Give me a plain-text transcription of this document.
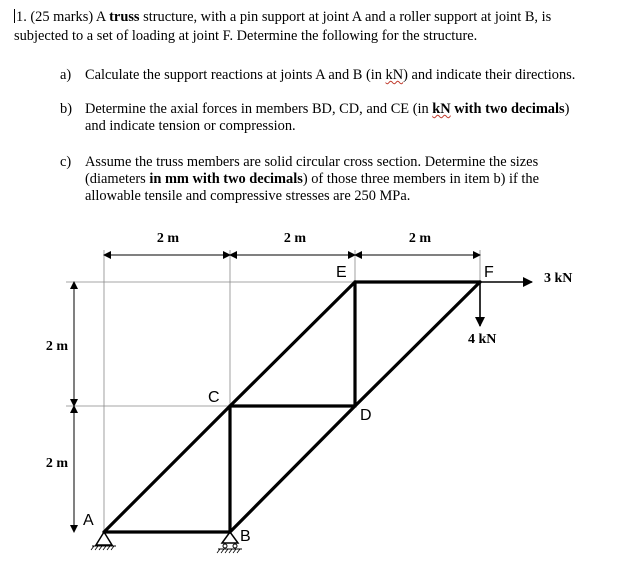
1. (25 marks) A truss structure, with a pin support at joint A and a roller support at joint B, is
subjected to a set of loading at joint F. Determine the following for the structure.
a) Calculate the support reactions at joints A and B (in kN) and indicate their directions.
b) Determine the axial forces in members BD, CD, and CE (in kN with two decimals)
and indicate tension or compression.
c) Assume the truss members are solid circular cross section. Determine the sizes
(diameters in mm with two decimals) of those three members in item b) if the
allowable tensile and compressive stresses are 250 MPa.
2 m	2 m	2 m
2 m
2 m
A
B
C
D
E	F	3 kN
4 kN
